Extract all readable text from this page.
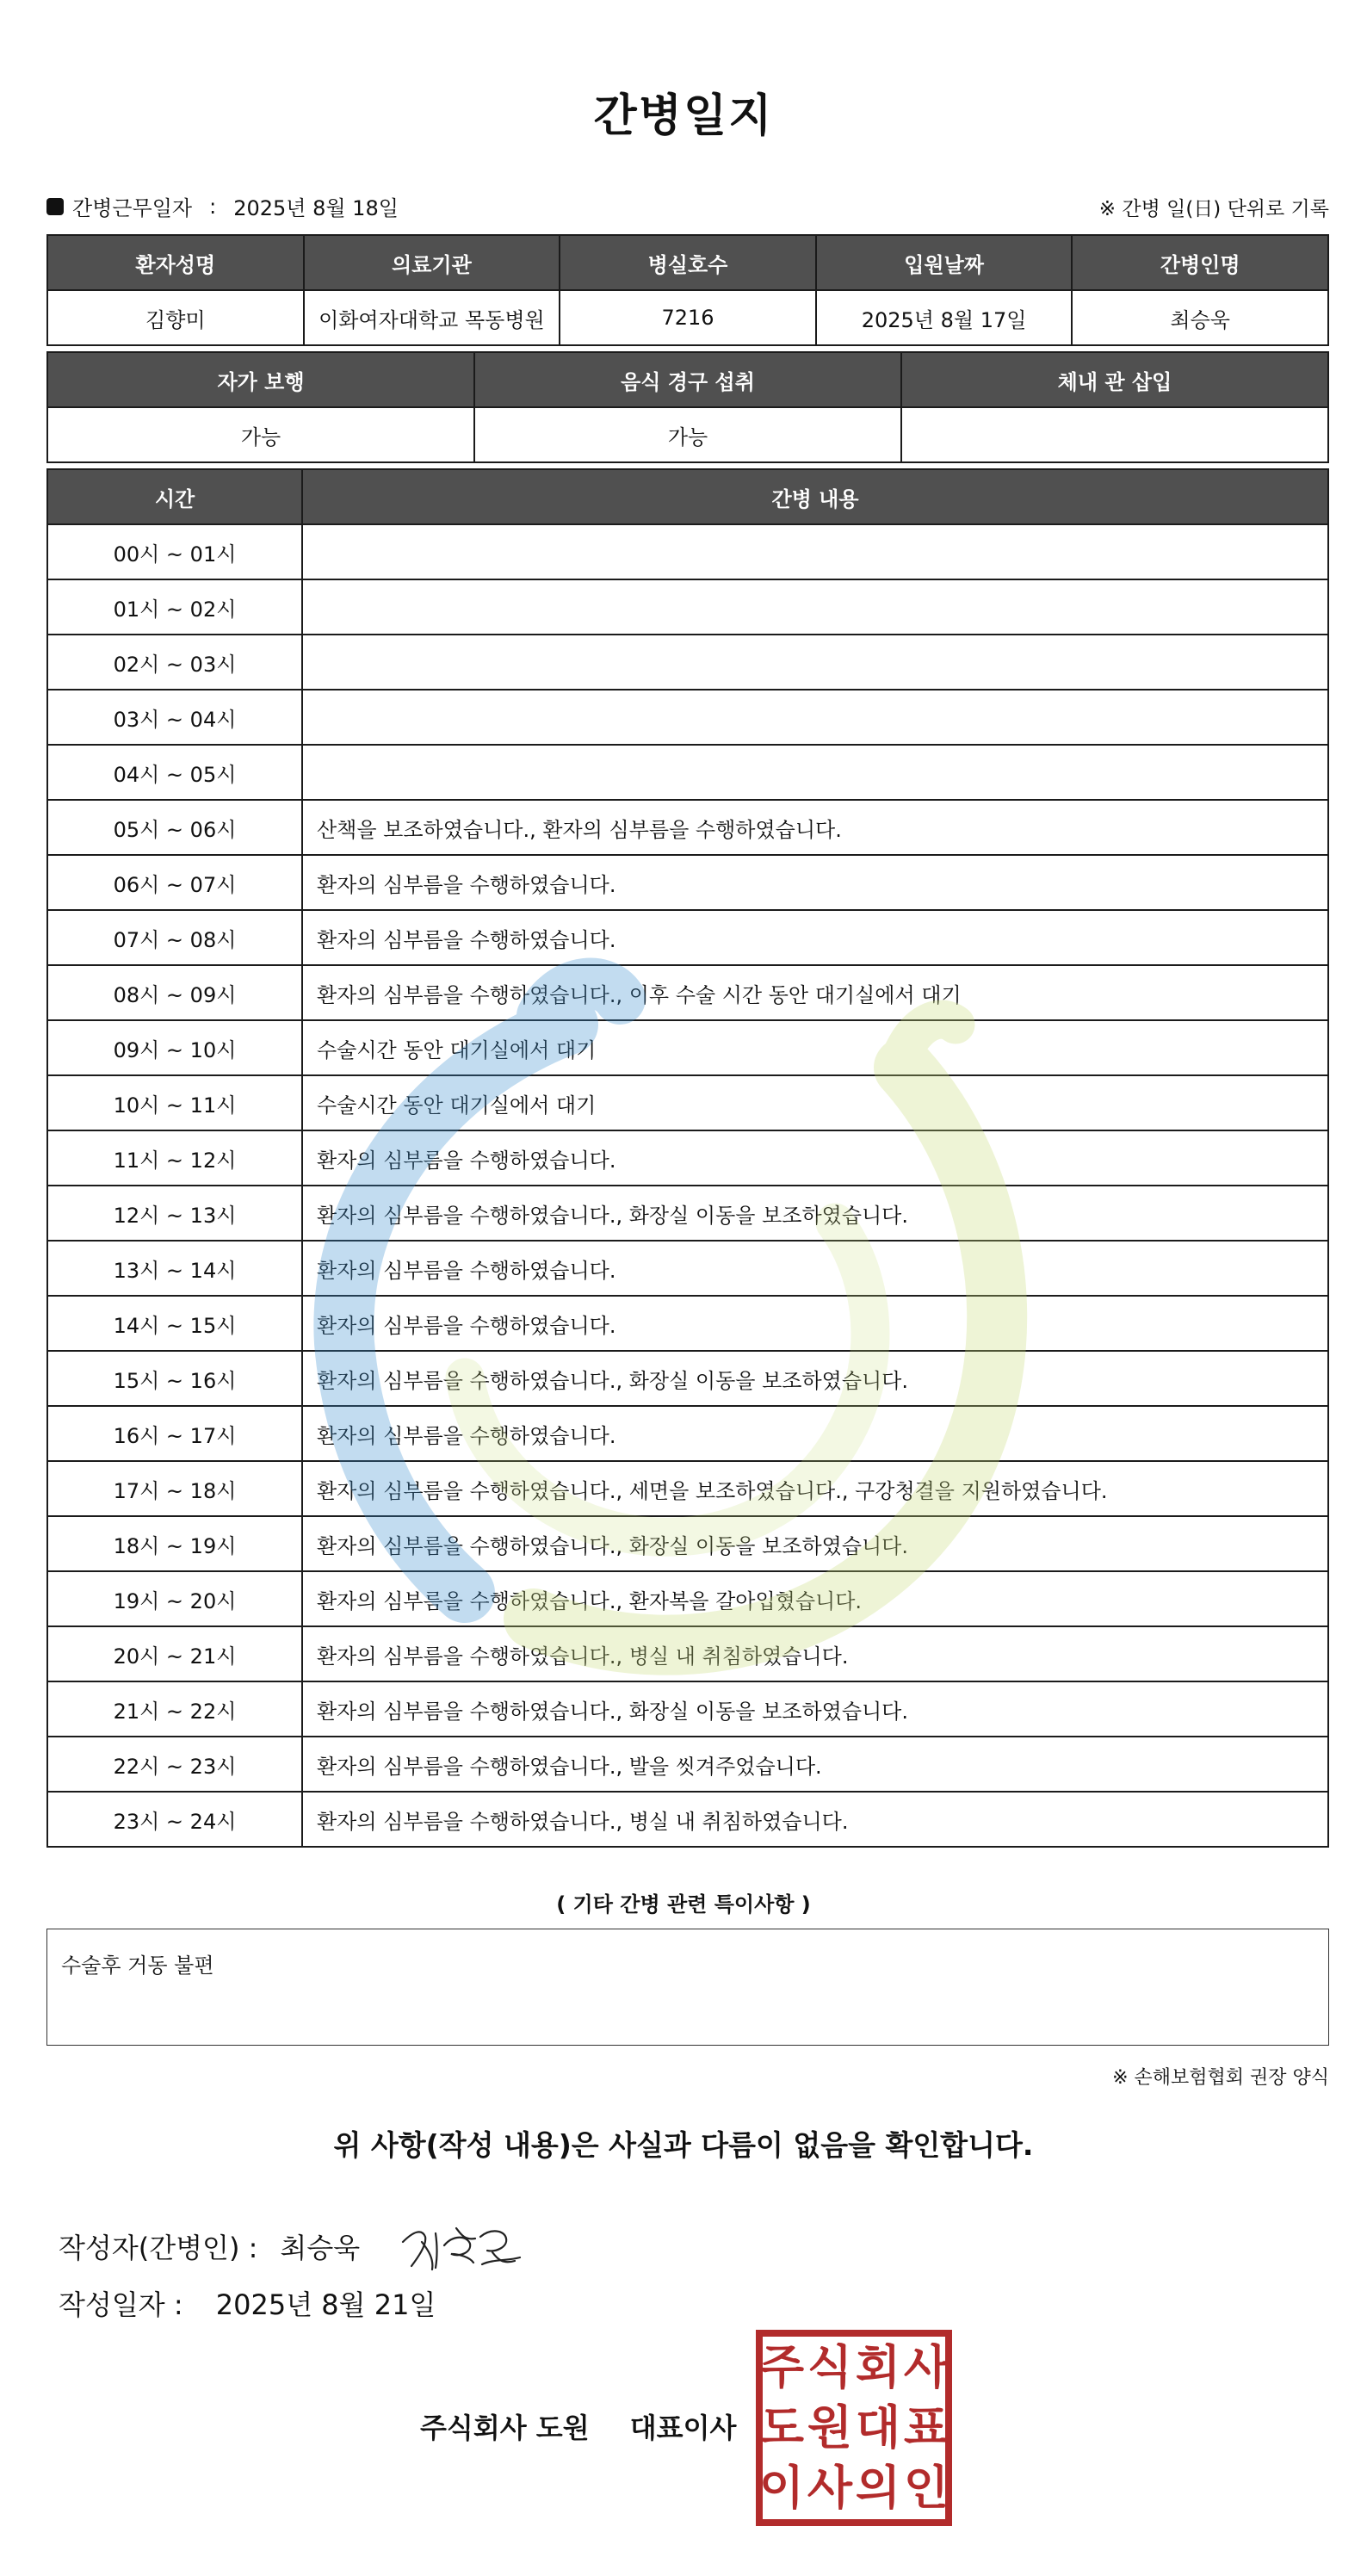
간병일지
간병근무일자 : 2025년 8월 18일	※ 간병 일(日) 단위로 기록
환자성명	의료기관	병실호수	입원날짜	간병인명
김향미	이화여자대학교 목동병원	7216	2025년 8월 17일	최승욱
자가 보행	음식 경구 섭취	체내 관 삽입
가능	가능	
시간	간병 내용
00시 ~ 01시	
01시 ~ 02시	
02시 ~ 03시	
03시 ~ 04시	
04시 ~ 05시	
05시 ~ 06시	산책을 보조하였습니다., 환자의 심부름을 수행하였습니다.
06시 ~ 07시	환자의 심부름을 수행하였습니다.
07시 ~ 08시	환자의 심부름을 수행하였습니다.
08시 ~ 09시	환자의 심부름을 수행하였습니다., 이후 수술 시간 동안 대기실에서 대기
09시 ~ 10시	수술시간 동안 대기실에서 대기
10시 ~ 11시	수술시간 동안 대기실에서 대기
11시 ~ 12시	환자의 심부름을 수행하였습니다.
12시 ~ 13시	환자의 심부름을 수행하였습니다., 화장실 이동을 보조하였습니다.
13시 ~ 14시	환자의 심부름을 수행하였습니다.
14시 ~ 15시	환자의 심부름을 수행하였습니다.
15시 ~ 16시	환자의 심부름을 수행하였습니다., 화장실 이동을 보조하였습니다.
16시 ~ 17시	환자의 심부름을 수행하였습니다.
17시 ~ 18시	환자의 심부름을 수행하였습니다., 세면을 보조하였습니다., 구강청결을 지원하였습니다.
18시 ~ 19시	환자의 심부름을 수행하였습니다., 화장실 이동을 보조하였습니다.
19시 ~ 20시	환자의 심부름을 수행하였습니다., 환자복을 갈아입혔습니다.
20시 ~ 21시	환자의 심부름을 수행하였습니다., 병실 내 취침하였습니다.
21시 ~ 22시	환자의 심부름을 수행하였습니다., 화장실 이동을 보조하였습니다.
22시 ~ 23시	환자의 심부름을 수행하였습니다., 발을 씻겨주었습니다.
23시 ~ 24시	환자의 심부름을 수행하였습니다., 병실 내 취침하였습니다.
( 기타 간병 관련 특이사항 )
수술후 거동 불편
※ 손해보험협회 권장 양식
위 사항(작성 내용)은 사실과 다름이 없음을 확인합니다.
작성자(간병인) : 최승욱
작성일자 : 2025년 8월 21일
주식회사 도원 대표이사
주 식 회 사
도 원 대 표
이 사 의 인
